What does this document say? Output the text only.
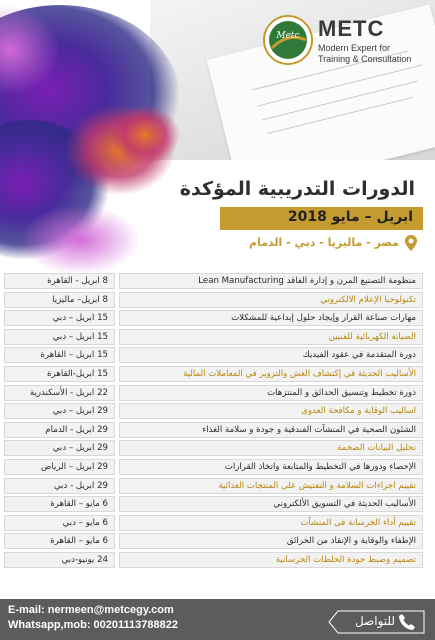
Metc METC
Modern Expert for
Training & Consultation
الدورات التدريبية المؤكدة
ابريل – مايو 2018
مصر - ماليزيا - دبي - الدمام
منظومة التصنيع المرن و إدارة الفاقد Lean Manufacturing
8 ابريل - القاهرة
تكنولوجيا الإعلام الالكتروني
8 ابريل– ماليزيا
مهارات صناعة القرار وإيجاد حلول إبداعية للمشكلات
15 ابريل – دبي
الصيانة الكهربائية للفنيين
15 ابريل – دبي
دورة المتقدمة في عقود الفيديك
15 ابريل – القاهرة
الأساليب الحديثة في إكتشاف الغش والتزوير في المعاملات المالية
15 ابريل-القاهرة
دورة تخطيط وتنسيق الحدائق و المنتزهات
22 ابريل - الأسكندرية
اساليب الوقاية و مكافحة العدوى
29 ابريل – دبي
الشئون الصحية في المنشآت الفندقية و جودة و سلامة الغذاء
29 ابريل - الدمام
تحليل البيانات الضخمة
29 ابريل – دبي
الإحصاء ودورها في التخطيط والمتابعة واتخاذ القرارات
29 ابريل – الرياض
تقييم اجراءات السلامة و التفتيش على المنتجات الغذائية
29 ابريل - دبي
الأساليب الحديثة في التسويق الألكتروني
6 مايو – القاهرة
تقييم أداء الخرسانة فى المنشآت
6 مايو – دبي
الإطفاء والوقاية و الإنقاذ من الحرائق
6 مايو – القاهرة
تصميم وضبط جودة الخلطات الخرسانية
24 يونيو-دبي
E-mail: nermeen@metcegy.com
Whatsapp,mob: 00201113788822	للتواصل
